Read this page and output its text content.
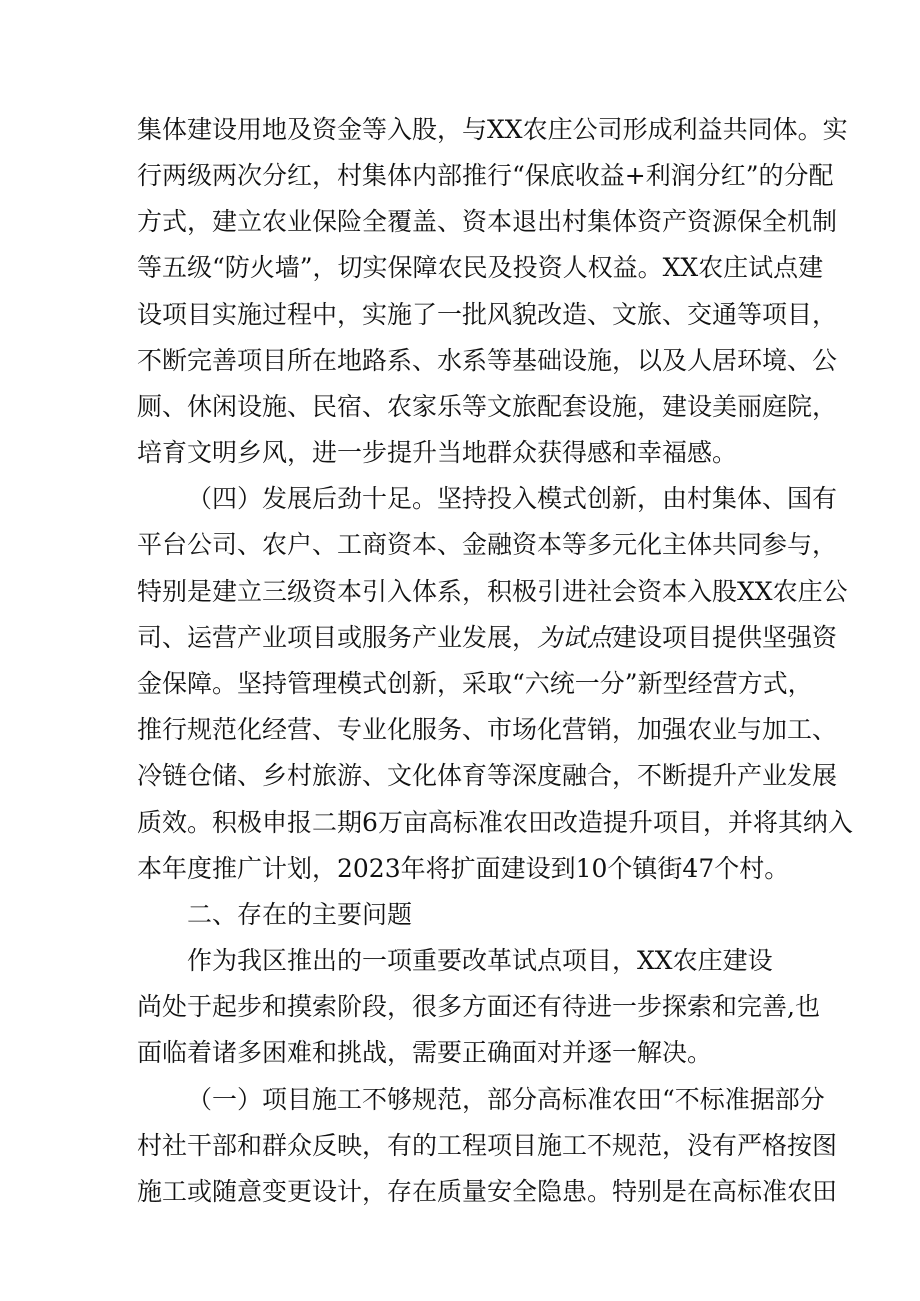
集体建设用地及资金等入股，与XX农庄公司形成利益共同体。实

行两级两次分红，村集体内部推行“保底收益+利润分红”的分配

方式，建立农业保险全覆盖、资本退出村集体资产资源保全机制

等五级“防火墙”，切实保障农民及投资人权益。XX农庄试点建

设项目实施过程中，实施了一批风貌改造、文旅、交通等项目，

不断完善项目所在地路系、水系等基础设施，以及人居环境、公

厕、休闲设施、民宿、农家乐等文旅配套设施，建设美丽庭院，

培育文明乡风，进一步提升当地群众获得感和幸福感。

（四）发展后劲十足。坚持投入模式创新，由村集体、国有

平台公司、农户、工商资本、金融资本等多元化主体共同参与，

特别是建立三级资本引入体系，积极引进社会资本入股XX农庄公

司、运营产业项目或服务产业发展，为试点建设项目提供坚强资

金保障。坚持管理模式创新，采取“六统一分”新型经营方式，

推行规范化经营、专业化服务、市场化营销，加强农业与加工、

冷链仓储、乡村旅游、文化体育等深度融合，不断提升产业发展

质效。积极申报二期6万亩高标准农田改造提升项目，并将其纳入

本年度推广计划，2023年将扩面建设到10个镇街47个村。

二、存在的主要问题

作为我区推出的一项重要改革试点项目，XX农庄建设

尚处于起步和摸索阶段，很多方面还有待进一步探索和完善,也

面临着诸多困难和挑战，需要正确面对并逐一解决。

（一）项目施工不够规范，部分高标准农田“不标准据部分

村社干部和群众反映，有的工程项目施工不规范，没有严格按图

施工或随意变更设计，存在质量安全隐患。特别是在高标准农田
